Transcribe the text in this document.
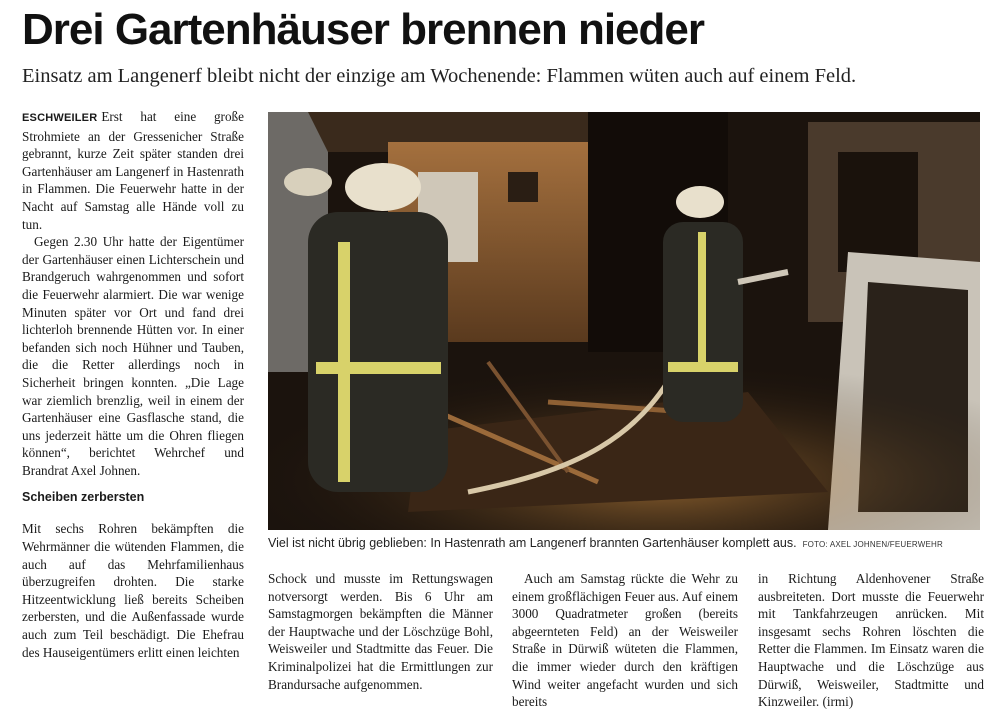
Drei Gartenhäuser brennen nieder
Einsatz am Langenerf bleibt nicht der einzige am Wochenende: Flammen wüten auch auf einem Feld.

ESCHWEILER Erst hat eine große Strohmiete an der Gressenicher Straße gebrannt, kurze Zeit später standen drei Gartenhäuser am Langenerf in Hastenrath in Flammen. Die Feuerwehr hatte in der Nacht auf Samstag alle Hände voll zu tun.

Gegen 2.30 Uhr hatte der Eigentümer der Gartenhäuser einen Lichterschein und Brandgeruch wahrgenommen und sofort die Feuerwehr alarmiert. Die war wenige Minuten später vor Ort und fand drei lichterloh brennende Hütten vor. In einer befanden sich noch Hühner und Tauben, die die Retter allerdings noch in Sicherheit bringen konnten. „Die Lage war ziemlich brenzlig, weil in einem der Gartenhäuser eine Gasflasche stand, die uns jederzeit hätte um die Ohren fliegen können“, berichtet Wehrchef und Brandrat Axel Johnen.

Scheiben zerbersten

Mit sechs Rohren bekämpften die Wehrmänner die wütenden Flammen, die auch auf das Mehrfamilienhaus überzugreifen drohten. Die starke Hitzeentwicklung ließ bereits Scheiben zerbersten, und die Außenfassade wurde auch zum Teil beschädigt. Die Ehefrau des Hauseigentümers erlitt einen leichten

Viel ist nicht übrig geblieben: In Hastenrath am Langenerf brannten Gartenhäuser komplett aus. FOTO: AXEL JOHNEN/FEUERWEHR

Schock und musste im Rettungswagen notversorgt werden. Bis 6 Uhr am Samstagmorgen bekämpften die Männer der Hauptwache und der Löschzüge Bohl, Weisweiler und Stadtmitte das Feuer. Die Kriminalpolizei hat die Ermittlungen zur Brandursache aufgenommen.

Auch am Samstag rückte die Wehr zu einem großflächigen Feuer aus. Auf einem 3000 Quadratmeter großen (bereits abgeernteten Feld) an der Weisweiler Straße in Dürwiß wüteten die Flammen, die immer wieder durch den kräftigen Wind weiter angefacht wurden und sich bereits

in Richtung Aldenhovener Straße ausbreiteten. Dort musste die Feuerwehr mit Tankfahrzeugen anrücken. Mit insgesamt sechs Rohren löschten die Retter die Flammen. Im Einsatz waren die Hauptwache und die Löschzüge aus Dürwiß, Weisweiler, Stadtmitte und Kinzweiler. (irmi)
